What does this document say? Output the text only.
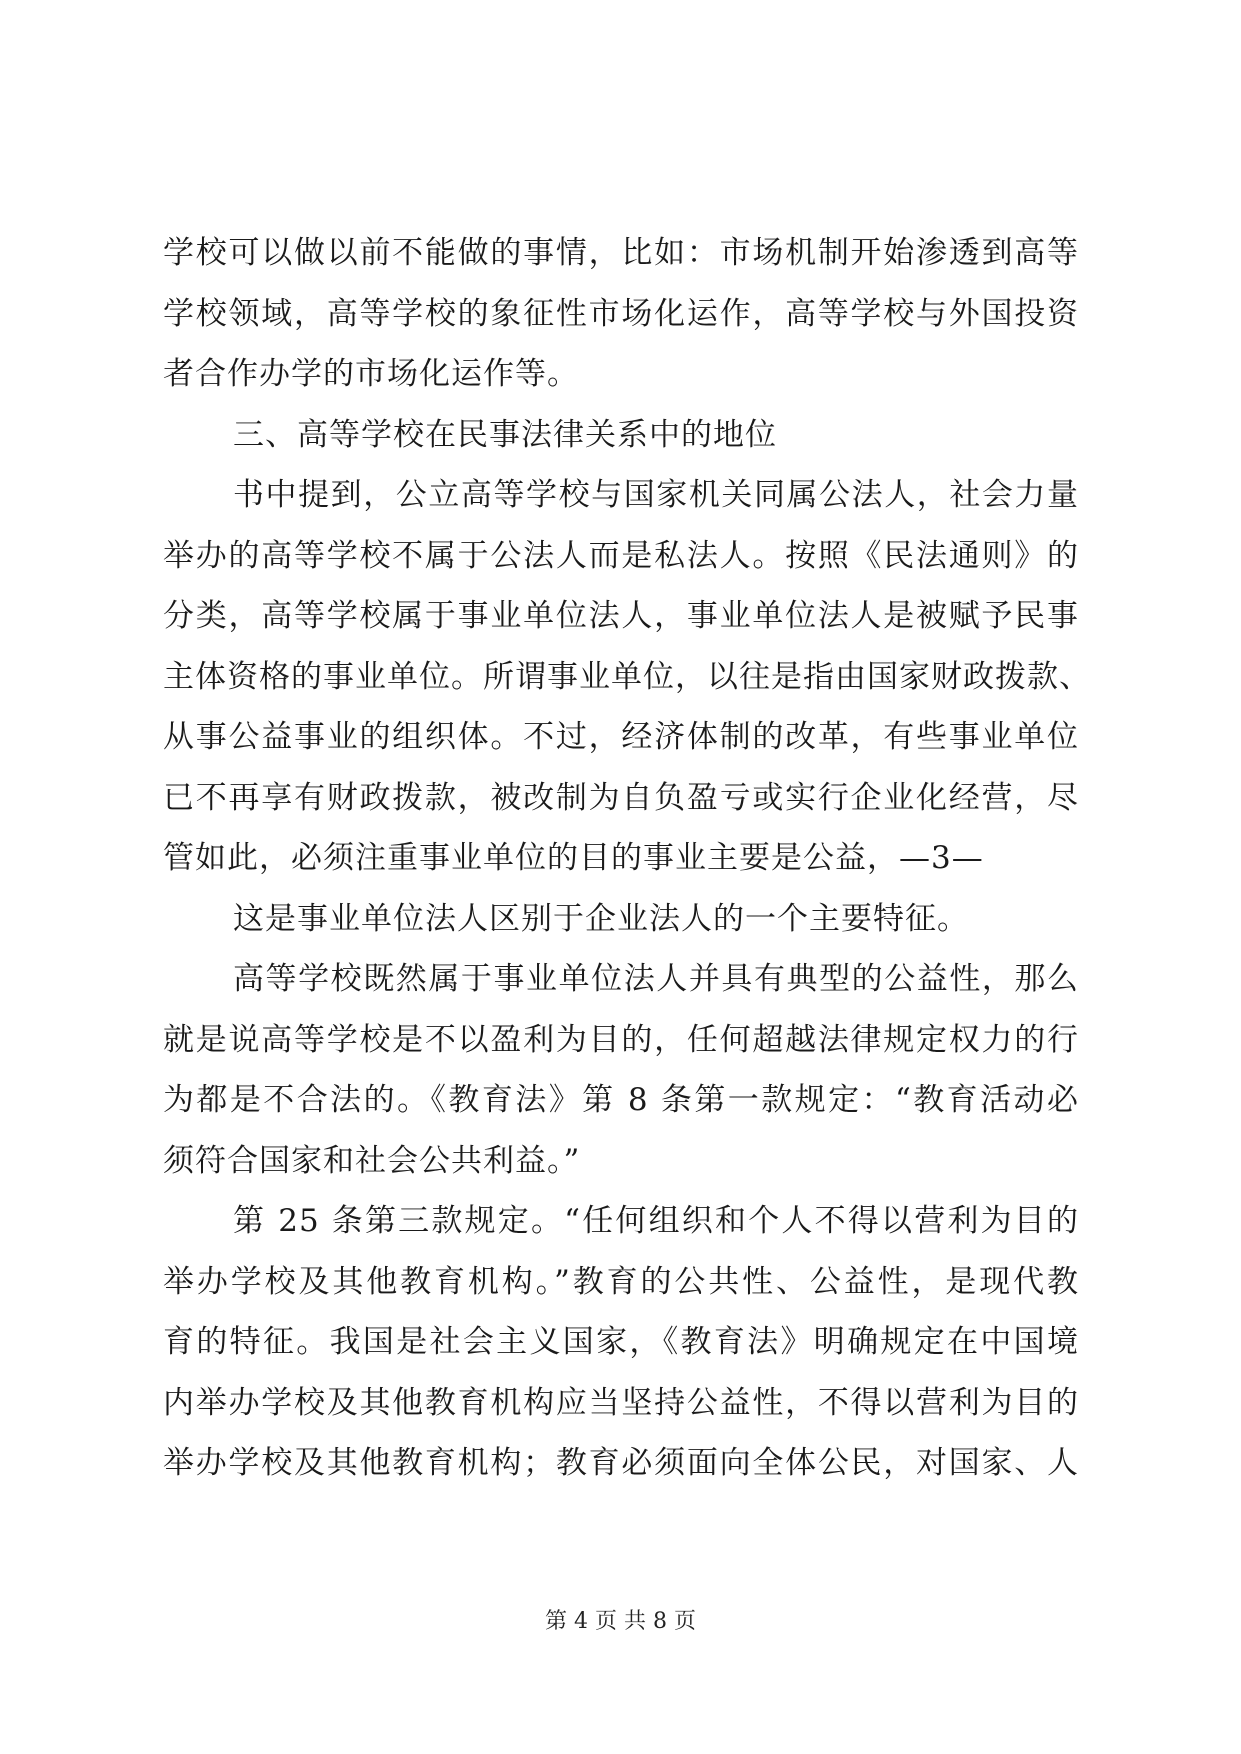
学校可以做以前不能做的事情，比如：市场机制开始渗透到高等
学校领域，高等学校的象征性市场化运作，高等学校与外国投资
者合作办学的市场化运作等。
三、高等学校在民事法律关系中的地位
书中提到，公立高等学校与国家机关同属公法人，社会力量
举办的高等学校不属于公法人而是私法人。按照《民法通则》的
分类，高等学校属于事业单位法人，事业单位法人是被赋予民事
主体资格的事业单位。所谓事业单位，以往是指由国家财政拨款、
从事公益事业的组织体。不过，经济体制的改革，有些事业单位
已不再享有财政拨款，被改制为自负盈亏或实行企业化经营，尽
管如此，必须注重事业单位的目的事业主要是公益，—3—
这是事业单位法人区别于企业法人的一个主要特征。
高等学校既然属于事业单位法人并具有典型的公益性，那么
就是说高等学校是不以盈利为目的，任何超越法律规定权力的行
为都是不合法的。《教育法》第 8 条第一款规定：“教育活动必
须符合国家和社会公共利益。”
第 25 条第三款规定。“任何组织和个人不得以营利为目的
举办学校及其他教育机构。”教育的公共性、公益性，是现代教
育的特征。我国是社会主义国家，《教育法》明确规定在中国境
内举办学校及其他教育机构应当坚持公益性，不得以营利为目的
举办学校及其他教育机构；教育必须面向全体公民，对国家、人
第 4 页 共 8 页
